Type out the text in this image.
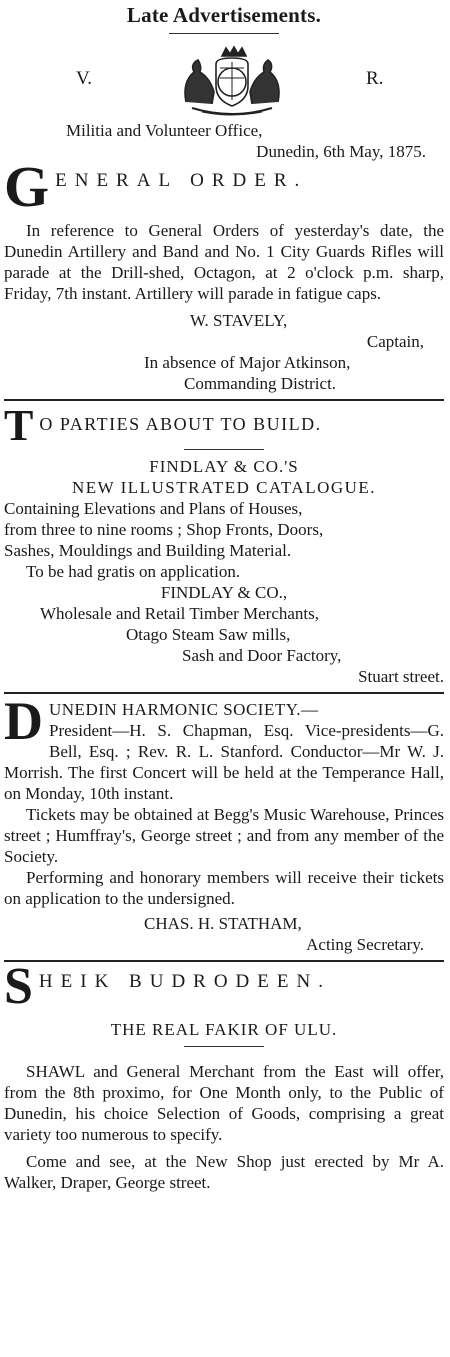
Late Advertisements.
V.	R.

Militia and Volunteer Office,

Dunedin, 6th May, 1875.

G ENERAL ORDER.

In reference to General Orders of yesterday's date, the Dunedin Artillery and Band and No. 1 City Guards Rifles will parade at the Drill-shed, Octagon, at 2 o'clock p.m. sharp, Friday, 7th instant. Artillery will parade in fatigue caps.

W. STAVELY,

Captain,

In absence of Major Atkinson,

Commanding District.

T O PARTIES ABOUT TO BUILD.

FINDLAY & CO.'S

NEW ILLUSTRATED CATALOGUE.

Containing Elevations and Plans of Houses,

from three to nine rooms ; Shop Fronts, Doors,

Sashes, Mouldings and Building Material.

To be had gratis on application.

FINDLAY & CO.,

Wholesale and Retail Timber Merchants,

Otago Steam Saw mills,

Sash and Door Factory,

Stuart street.

D UNEDIN HARMONIC SOCIETY.—

President—H. S. Chapman, Esq. Vice-presidents—G. Bell, Esq. ; Rev. R. L. Stanford. Conductor—Mr W. J. Morrish. The first Concert will be held at the Temperance Hall, on Monday, 10th instant.

Tickets may be obtained at Begg's Music Warehouse, Princes street ; Humffray's, George street ; and from any member of the Society.

Performing and honorary members will receive their tickets on application to the undersigned.

CHAS. H. STATHAM,

Acting Secretary.

S HEIK BUDRODEEN.

THE REAL FAKIR OF ULU.

SHAWL and General Merchant from the East will offer, from the 8th proximo, for One Month only, to the Public of Dunedin, his choice Selection of Goods, comprising a great variety too numerous to specify.

Come and see, at the New Shop just erected by Mr A. Walker, Draper, George street.
